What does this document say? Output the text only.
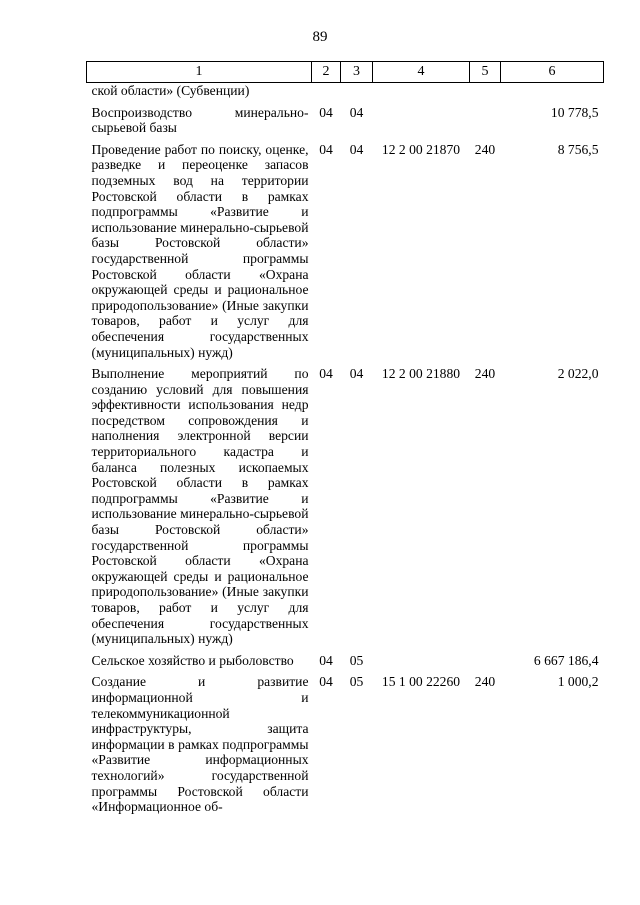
89
1	2	3	4	5	6
ской области» (Субвенции)					
Воспроизводство минерально-сырьевой базы	04	04			10 778,5
Проведение работ по поиску, оценке, разведке и переоценке запасов подземных вод на территории Ростовской области в рамках подпрограммы «Развитие и использование минерально-сырьевой базы Ростовской области» государственной программы Ростовской области «Охрана окружающей среды и рациональное природопользование» (Иные закупки товаров, работ и услуг для обеспечения государственных (муниципальных) нужд)	04	04	12 2 00 21870	240	8 756,5
Выполнение мероприятий по созданию условий для повышения эффективности использования недр посредством сопровождения и наполнения электронной версии территориального кадастра и баланса полезных ископаемых Ростовской области в рамках подпрограммы «Развитие и использование минерально-сырьевой базы Ростовской области» государственной программы Ростовской области «Охрана окружающей среды и рациональное природопользование» (Иные закупки товаров, работ и услуг для обеспечения государственных (муниципальных) нужд)	04	04	12 2 00 21880	240	2 022,0
Сельское хозяйство и рыболовство	04	05			6 667 186,4
Создание и развитие информационной и телекоммуникационной инфраструктуры, защита информации в рамках подпрограммы «Развитие информационных технологий» государственной программы Ростовской области «Информационное об-	04	05	15 1 00 22260	240	1 000,2
